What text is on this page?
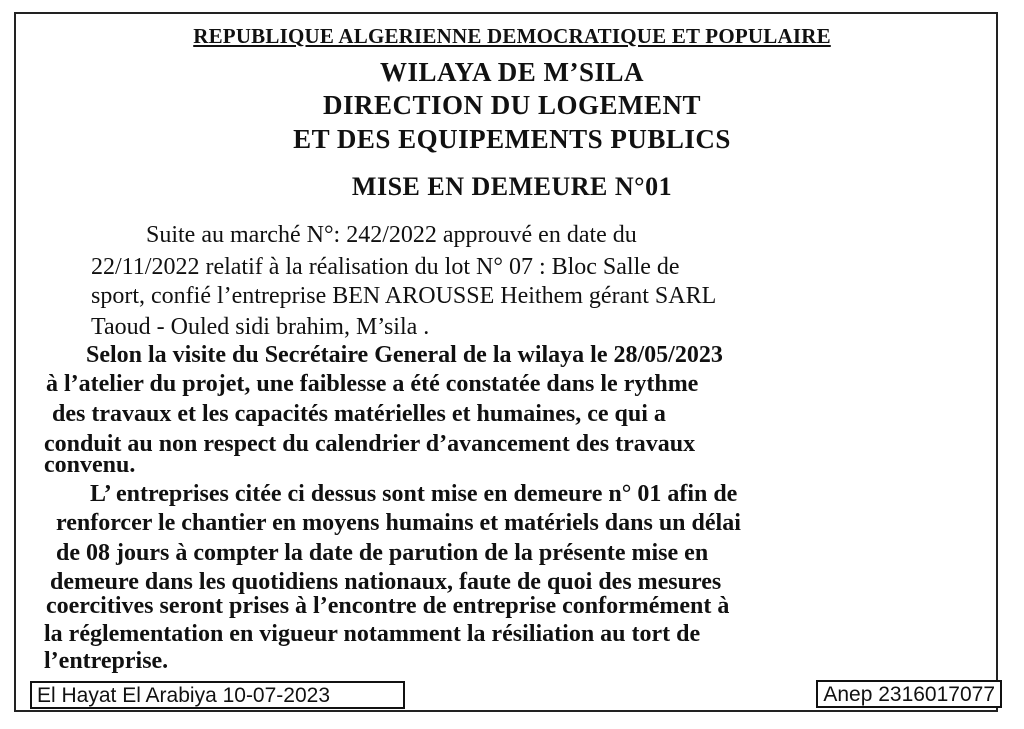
REPUBLIQUE ALGERIENNE DEMOCRATIQUE ET POPULAIRE
WILAYA DE M’SILA
DIRECTION DU LOGEMENT
ET DES EQUIPEMENTS PUBLICS
MISE EN DEMEURE N°01
Suite au marché N°: 242/2022 approuvé en date du
22/11/2022 relatif à la réalisation du lot N° 07 : Bloc Salle de
sport, confié l’entreprise BEN AROUSSE Heithem gérant SARL
Taoud - Ouled sidi brahim, M’sila .
Selon la visite du Secrétaire General de la wilaya le 28/05/2023
à l’atelier du projet, une faiblesse a été constatée dans le rythme
des travaux et les capacités matérielles et humaines, ce qui a
conduit au non respect du calendrier d’avancement des travaux
convenu.
L’ entreprises citée ci dessus sont mise en demeure n° 01 afin de
renforcer le chantier en moyens humains et matériels dans un délai
de 08 jours à compter la date de parution de la présente mise en
demeure dans les quotidiens nationaux, faute de quoi des mesures
coercitives seront prises à l’encontre de entreprise conformément à
la réglementation en vigueur notamment la résiliation au tort de
l’entreprise.
El Hayat El Arabiya 10-07-2023	Anep 2316017077
